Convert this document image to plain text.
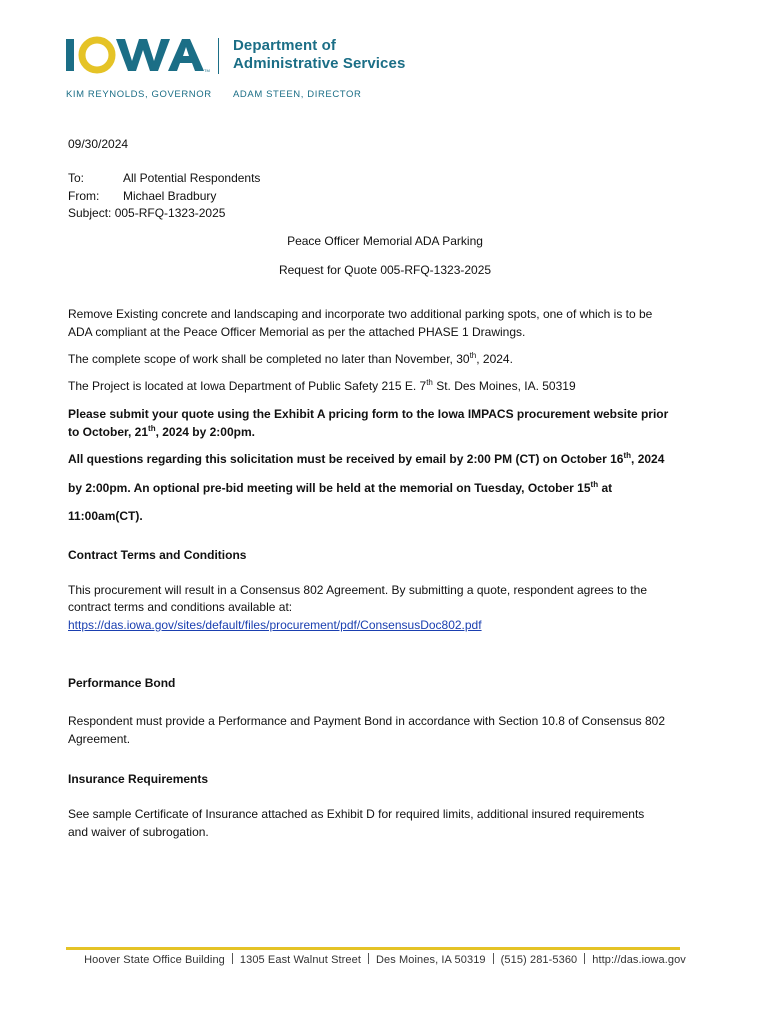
TM
Department of
Administrative Services
KIM REYNOLDS, GOVERNOR ADAM STEEN, DIRECTOR
09/30/2024
To:	All Potential Respondents
From: Michael Bradbury
Subject: 005-RFQ-1323-2025
Peace Officer Memorial ADA Parking
Request for Quote 005-RFQ-1323-2025
Remove Existing concrete and landscaping and incorporate two additional parking spots, one of which is to be
ADA compliant at the Peace Officer Memorial as per the attached PHASE 1 Drawings.
The complete scope of work shall be completed no later than November, 30th, 2024.
The Project is located at Iowa Department of Public Safety 215 E. 7th St. Des Moines, IA. 50319
Please submit your quote using the Exhibit A pricing form to the Iowa IMPACS procurement website prior
to October, 21th, 2024 by 2:00pm.
All questions regarding this solicitation must be received by email by 2:00 PM (CT) on October 16th, 2024
by 2:00pm. An optional pre-bid meeting will be held at the memorial on Tuesday, October 15th at
11:00am(CT).
Contract Terms and Conditions
This procurement will result in a Consensus 802 Agreement. By submitting a quote, respondent agrees to the
contract terms and conditions available at:
https://das.iowa.gov/sites/default/files/procurement/pdf/ConsensusDoc802.pdf
Performance Bond
Respondent must provide a Performance and Payment Bond in accordance with Section 10.8 of Consensus 802
Agreement.
Insurance Requirements
See sample Certificate of Insurance attached as Exhibit D for required limits, additional insured requirements
and waiver of subrogation.
Hoover State Office Building 1305 East Walnut Street Des Moines, IA 50319 (515) 281-5360 http://das.iowa.gov
